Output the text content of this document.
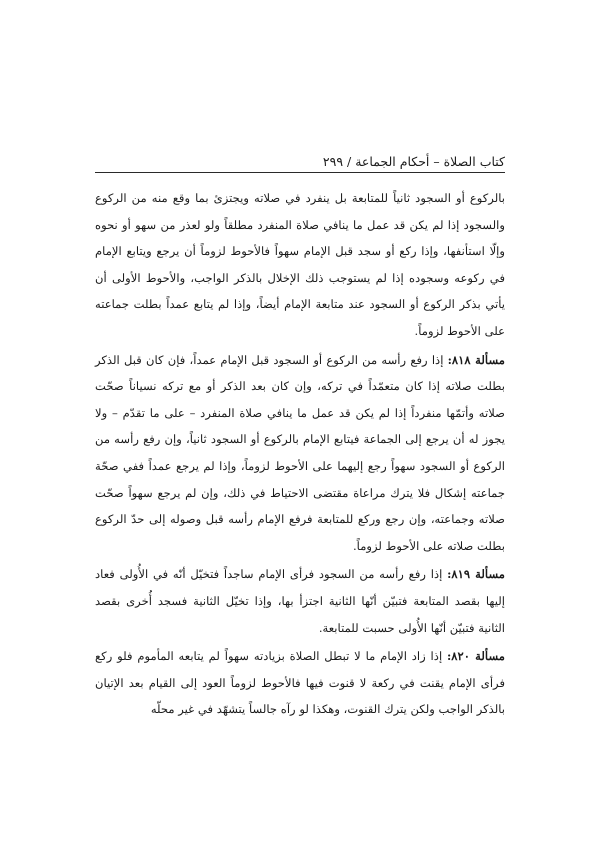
كتاب الصلاة – أحكام الجماعة / ٢٩٩

بالركوع أو السجود ثانياً للمتابعة بل ينفرد في صلاته ويجتزئ بما وقع منه من الركوع والسجود إذا لم يكن قد عمل ما ينافي صلاة المنفرد مطلقاً ولو لعذر من سهو أو نحوه وإلّا استأنفها، وإذا ركع أو سجد قبل الإمام سهواً فالأحوط لزوماً أن يرجع ويتابع الإمام في ركوعه وسجوده إذا لم يستوجب ذلك الإخلال بالذكر الواجب، والأحوط الأولى أن يأتي بذكر الركوع أو السجود عند متابعة الإمام أيضاً، وإذا لم يتابع عمداً بطلت جماعته على الأحوط لزوماً.

مسألة ٨١٨: إذا رفع رأسه من الركوع أو السجود قبل الإمام عمداً، فإن كان قبل الذكر بطلت صلاته إذا كان متعمّداً في تركه، وإن كان بعد الذكر أو مع تركه نسياناً صحّت صلاته وأتمّها منفرداً إذا لم يكن قد عمل ما ينافي صلاة المنفرد – على ما تقدّم – ولا يجوز له أن يرجع إلى الجماعة فيتابع الإمام بالركوع أو السجود ثانياً، وإن رفع رأسه من الركوع أو السجود سهواً رجع إليهما على الأحوط لزوماً، وإذا لم يرجع عمداً ففي صحّة جماعته إشكال فلا يترك مراعاة مقتضى الاحتياط في ذلك، وإن لم يرجع سهواً صحّت صلاته وجماعته، وإن رجع وركع للمتابعة فرفع الإمام رأسه قبل وصوله إلى حدّ الركوع بطلت صلاته على الأحوط لزوماً.

مسألة ٨١٩: إذا رفع رأسه من السجود فرأى الإمام ساجداً فتخيّل أنّه في الأُولى فعاد إليها بقصد المتابعة فتبيّن أنّها الثانية اجتزأ بها، وإذا تخيّل الثانية فسجد أُخرى بقصد الثانية فتبيّن أنّها الأُولى حسبت للمتابعة.

مسألة ٨٢٠: إذا زاد الإمام ما لا تبطل الصلاة بزيادته سهواً لم يتابعه المأموم فلو ركع فرأى الإمام يقنت في ركعة لا قنوت فيها فالأحوط لزوماً العود إلى القيام بعد الإتيان بالذكر الواجب ولكن يترك القنوت، وهكذا لو رآه جالساً يتشهّد في غير محلّه
